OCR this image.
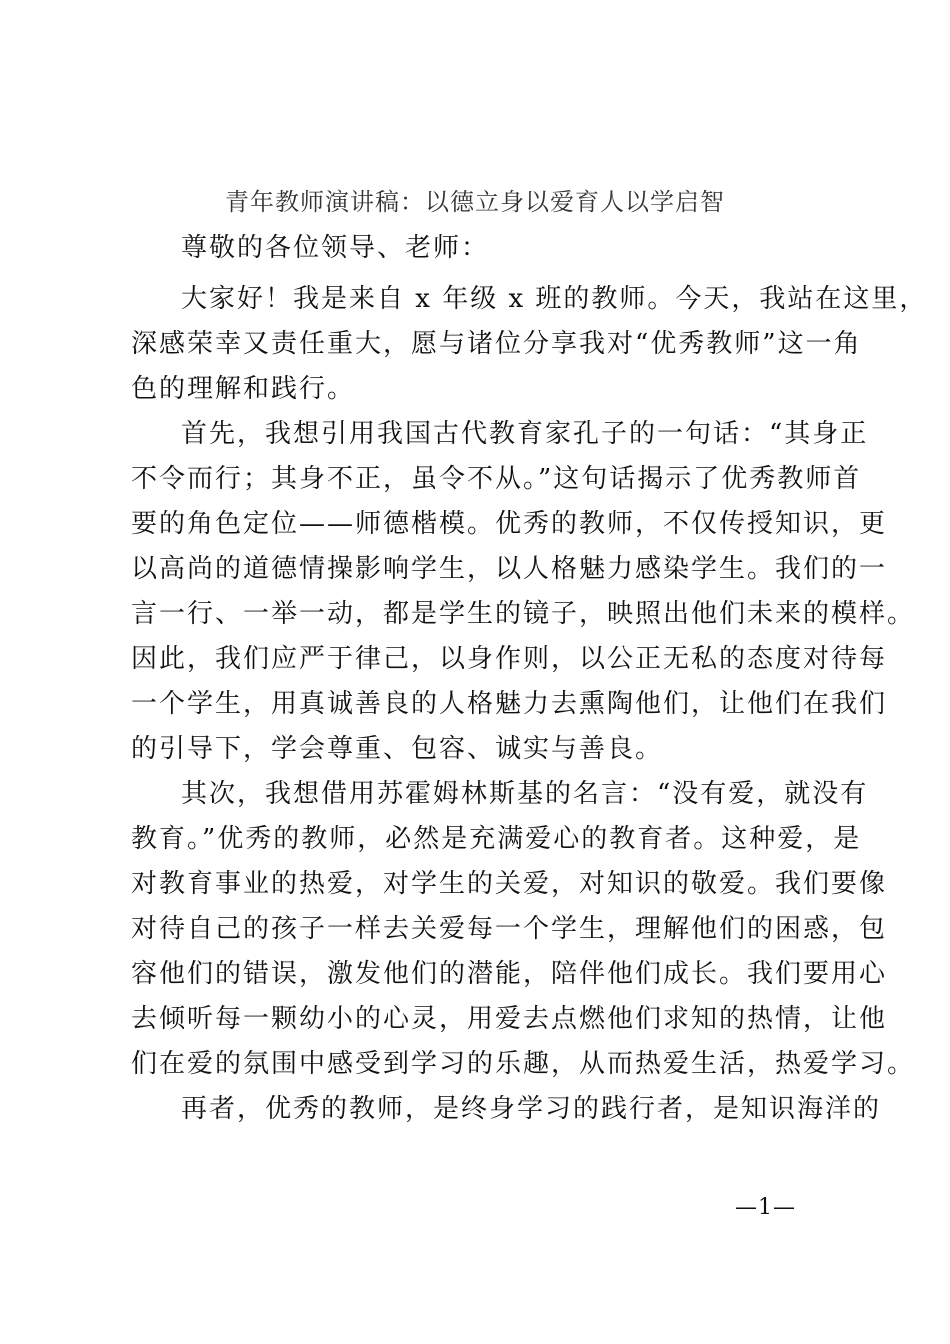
青年教师演讲稿：以德立身以爱育人以学启智
尊敬的各位领导、老师：
大家好！我是来自 x 年级 x 班的教师。今天，我站在这里，
深感荣幸又责任重大，愿与诸位分享我对“优秀教师”这一角
色的理解和践行。
首先，我想引用我国古代教育家孔子的一句话：“其身正
不令而行；其身不正，虽令不从。”这句话揭示了优秀教师首
要的角色定位——师德楷模。优秀的教师，不仅传授知识，更
以高尚的道德情操影响学生，以人格魅力感染学生。我们的一
言一行、一举一动，都是学生的镜子，映照出他们未来的模样。
因此，我们应严于律己，以身作则，以公正无私的态度对待每
一个学生，用真诚善良的人格魅力去熏陶他们，让他们在我们
的引导下，学会尊重、包容、诚实与善良。
其次，我想借用苏霍姆林斯基的名言：“没有爱，就没有
教育。”优秀的教师，必然是充满爱心的教育者。这种爱，是
对教育事业的热爱，对学生的关爱，对知识的敬爱。我们要像
对待自己的孩子一样去关爱每一个学生，理解他们的困惑，包
容他们的错误，激发他们的潜能，陪伴他们成长。我们要用心
去倾听每一颗幼小的心灵，用爱去点燃他们求知的热情，让他
们在爱的氛围中感受到学习的乐趣，从而热爱生活，热爱学习。
再者，优秀的教师，是终身学习的践行者，是知识海洋的
—1—
